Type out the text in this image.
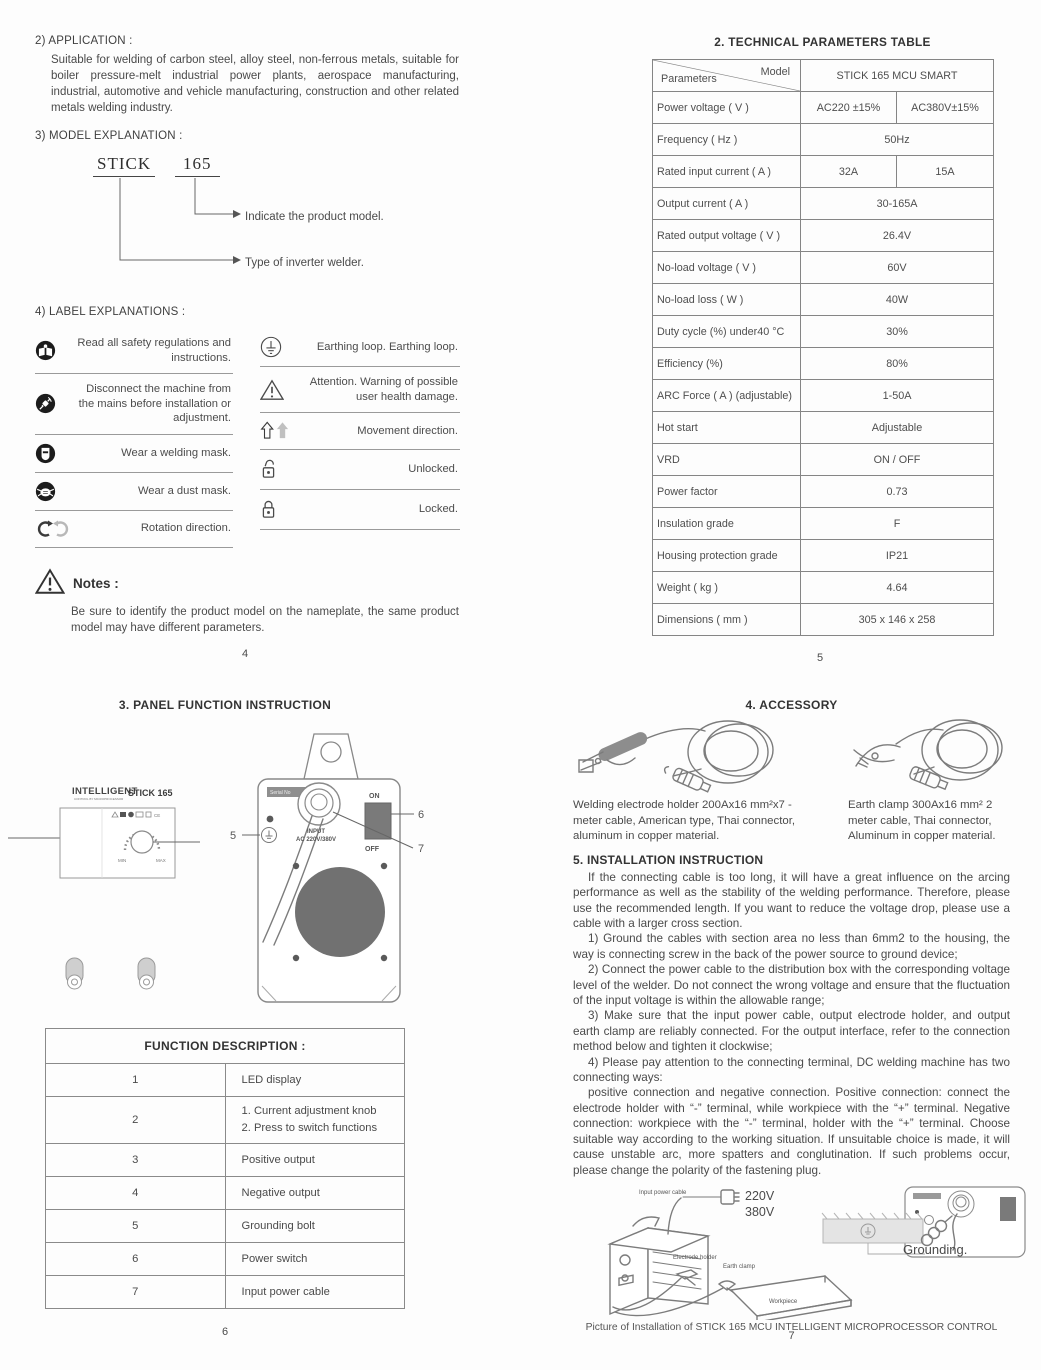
2) APPLICATION :

Suitable for welding of carbon steel, alloy steel, non-ferrous metals, suitable for boiler pressure-melt industrial power plants, aerospace manufacturing, industrial, automotive and vehicle manufacturing, construction and other related metals welding industry.

3) MODEL EXPLANATION :
STICK	165
Indicate the product model.
Type of inverter welder.
4) LABEL EXPLANATIONS :
Read all safety regulations and instructions.
Disconnect the machine from the mains before installation or adjustment.
Wear a welding mask.
Wear a dust mask.
Rotation direction.
Earthing loop. Earthing loop.
Attention. Warning of possible user health damage.
Movement direction.
Unlocked.
Locked.
Notes :

Be sure to identify the product model on the nameplate, the same product model may have different parameters.

4
2. TECHNICAL PARAMETERS TABLE
Model
Parameters	STICK 165 MCU SMART	
Power voltage ( V )	AC220 ±15%	AC380V±15%
Frequency ( Hz )	50Hz	
Rated input current ( A )	32A	15A
Output current ( A )	30-165A	
Rated output voltage ( V )	26.4V	
No-load voltage ( V )	60V	
No-load loss ( W )	40W	
Duty cycle (%) under40 °C	30%	
Efficiency (%)	80%	
ARC Force ( A ) (adjustable)	1-50A	
Hot start	Adjustable	
VRD	ON / OFF	
Power factor	0.73	
Insulation grade	F	
Housing protection grade	IP21	
Weight ( kg )	4.64	
Dimensions ( mm )	305 x 146 x 258	
5
3. PANEL FUNCTION INSTRUCTION
FUNCTION DESCRIPTION :	
1	LED display

2	1. Current adjustment knob
2. Press to switch functions

3	Positive output

4	Negative output

5	Grounding bolt

6	Power switch

7	Input power cable
INTELLIGENT
CONTROL BY MICROPROCESSOR
STICK 165
CE
MIN	MAX
Serial No	ON
OFF
INPUT
AC 220V/380V
5
6
7
6
4. ACCESSORY

Welding electrode holder 200Ax16 mm²x7 -meter cable, American type, Thai connector, aluminum in copper material.

Earth clamp 300Ax16 mm² 2 meter cable, Thai connector, Aluminum in copper material.

5. INSTALLATION INSTRUCTION

If the connecting cable is too long, it will have a great influence on the arcing performance as well as the stability of the welding performance. Therefore, please use the recommended length. If you want to reduce the voltage drop, please use a cable with a larger cross section.

1) Ground the cables with section area no less than 6mm2 to the housing, the way is connecting screw in the back of the power source to ground device;

2) Connect the power cable to the distribution box with the corresponding voltage level of the welder. Do not connect the wrong voltage and ensure that the fluctuation of the input voltage is within the allowable range;

3) Make sure that the input power cable, output electrode holder, and output earth clamp are reliably connected. For the output interface, refer to the connection method below and tighten it clockwise;

4) Please pay attention to the connecting terminal, DC welding machine has two connecting ways:

positive connection and negative connection. Positive connection: connect the electrode holder with “-” terminal, while workpiece with the “+” terminal. Negative connection: workpiece with the “-” terminal, holder with the “+” terminal. Choose suitable way according to the working situation. If unsuitable choice is made, it will cause unstable arc, more spatters and conglutination. If such problems occur, please change the polarity of the fastening plug.

Input power cable	220V
380V
Electrode holder
Earth clamp
Workpiece
Grounding.

Picture of Installation of STICK 165 MCU INTELLIGENT MICROPROCESSOR CONTROL

7
